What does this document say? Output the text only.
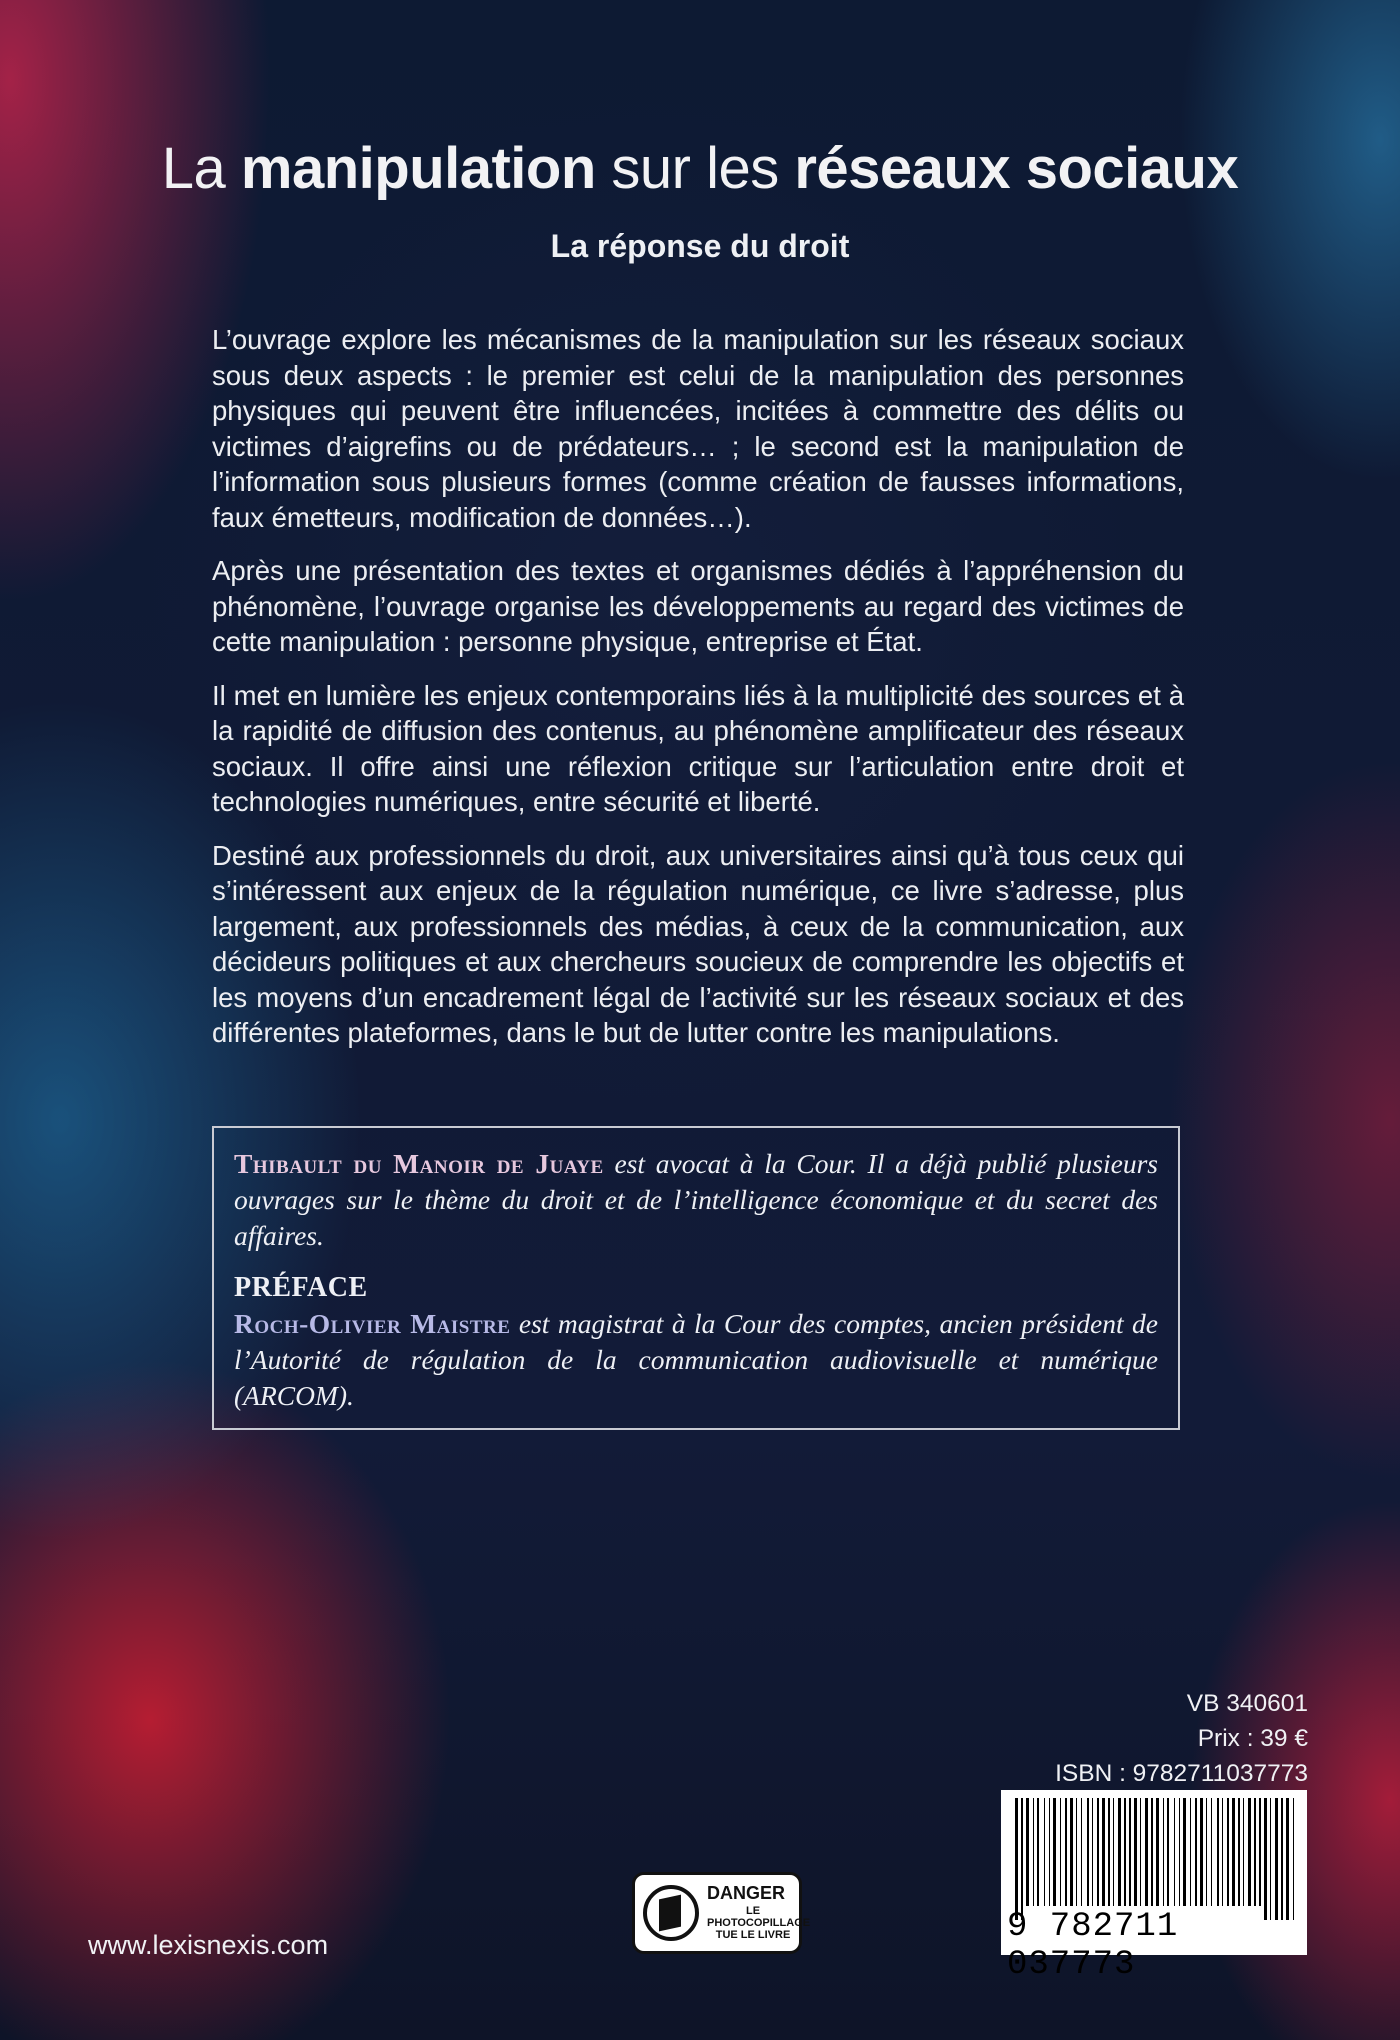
La manipulation sur les réseaux sociaux
La réponse du droit

L’ouvrage explore les mécanismes de la manipulation sur les réseaux sociaux sous deux aspects : le premier est celui de la manipulation des personnes physiques qui peuvent être influencées, incitées à commettre des délits ou victimes d’aigrefins ou de prédateurs… ; le second est la manipulation de l’information sous plusieurs formes (comme création de fausses informations, faux émetteurs, modification de données…).

Après une présentation des textes et organismes dédiés à l’appréhension du phénomène, l’ouvrage organise les développements au regard des victimes de cette manipulation : personne physique, entreprise et État.

Il met en lumière les enjeux contemporains liés à la multiplicité des sources et à la rapidité de diffusion des contenus, au phénomène amplificateur des réseaux sociaux. Il offre ainsi une réflexion critique sur l’articulation entre droit et technologies numériques, entre sécurité et liberté.

Destiné aux professionnels du droit, aux universitaires ainsi qu’à tous ceux qui s’intéressent aux enjeux de la régulation numérique, ce livre s’adresse, plus largement, aux professionnels des médias, à ceux de la communication, aux décideurs politiques et aux chercheurs soucieux de comprendre les objectifs et les moyens d’un encadrement légal de l’activité sur les réseaux sociaux et des différentes plateformes, dans le but de lutter contre les manipulations.

Thibault du Manoir de Juaye est avocat à la Cour. Il a déjà publié plusieurs ouvrages sur le thème du droit et de l’intelligence économique et du secret des affaires.
PRÉFACE
Roch-Olivier Maistre est magistrat à la Cour des comptes, ancien président de l’Autorité de régulation de la communication audiovisuelle et numérique (ARCOM).
VB 340601
Prix : 39 €
ISBN : 9782711037773
9 782711 037773
DANGER
LE PHOTOCOPILLAGE TUE LE LIVRE
www.lexisnexis.com
